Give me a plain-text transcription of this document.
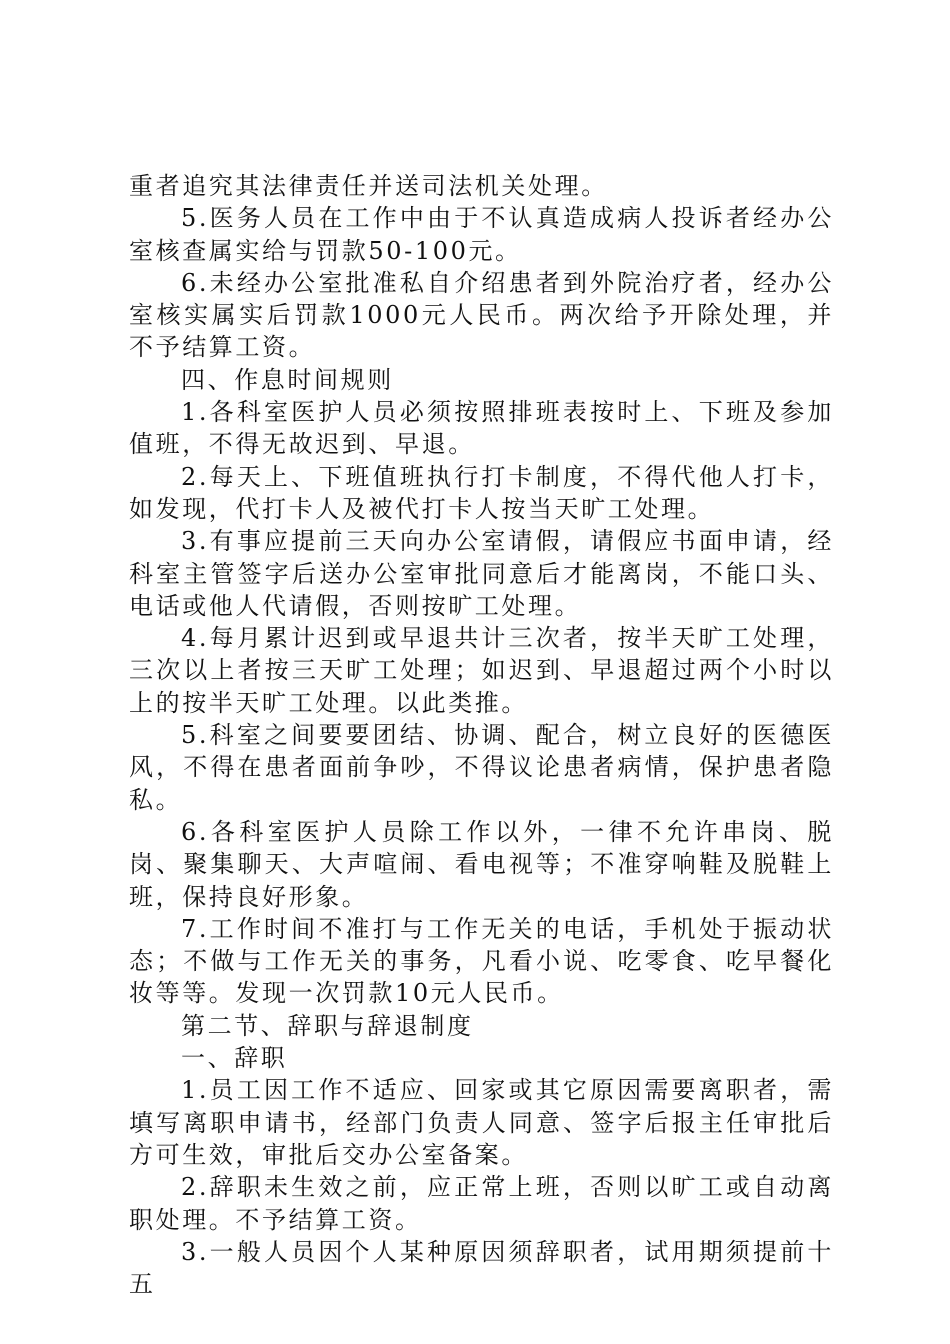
重者追究其法律责任并送司法机关处理。

5.医务人员在工作中由于不认真造成病人投诉者经办公室核查属实给与罚款50-100元。

6.未经办公室批准私自介绍患者到外院治疗者，经办公室核实属实后罚款1000元人民币。两次给予开除处理，并不予结算工资。

四、作息时间规则

1.各科室医护人员必须按照排班表按时上、下班及参加值班，不得无故迟到、早退。

2.每天上、下班值班执行打卡制度，不得代他人打卡，如发现，代打卡人及被代打卡人按当天旷工处理。

3.有事应提前三天向办公室请假，请假应书面申请，经科室主管签字后送办公室审批同意后才能离岗，不能口头、电话或他人代请假，否则按旷工处理。

4.每月累计迟到或早退共计三次者，按半天旷工处理，三次以上者按三天旷工处理；如迟到、早退超过两个小时以上的按半天旷工处理。以此类推。

5.科室之间要要团结、协调、配合，树立良好的医德医风，不得在患者面前争吵，不得议论患者病情，保护患者隐私。

6.各科室医护人员除工作以外，一律不允许串岗、脱岗、聚集聊天、大声喧闹、看电视等；不准穿响鞋及脱鞋上班，保持良好形象。

7.工作时间不准打与工作无关的电话，手机处于振动状态；不做与工作无关的事务，凡看小说、吃零食、吃早餐化妆等等。发现一次罚款10元人民币。

第二节、辞职与辞退制度

一、辞职

1.员工因工作不适应、回家或其它原因需要离职者，需填写离职申请书，经部门负责人同意、签字后报主任审批后方可生效，审批后交办公室备案。

2.辞职未生效之前，应正常上班，否则以旷工或自动离职处理。不予结算工资。

3.一般人员因个人某种原因须辞职者，试用期须提前十五
